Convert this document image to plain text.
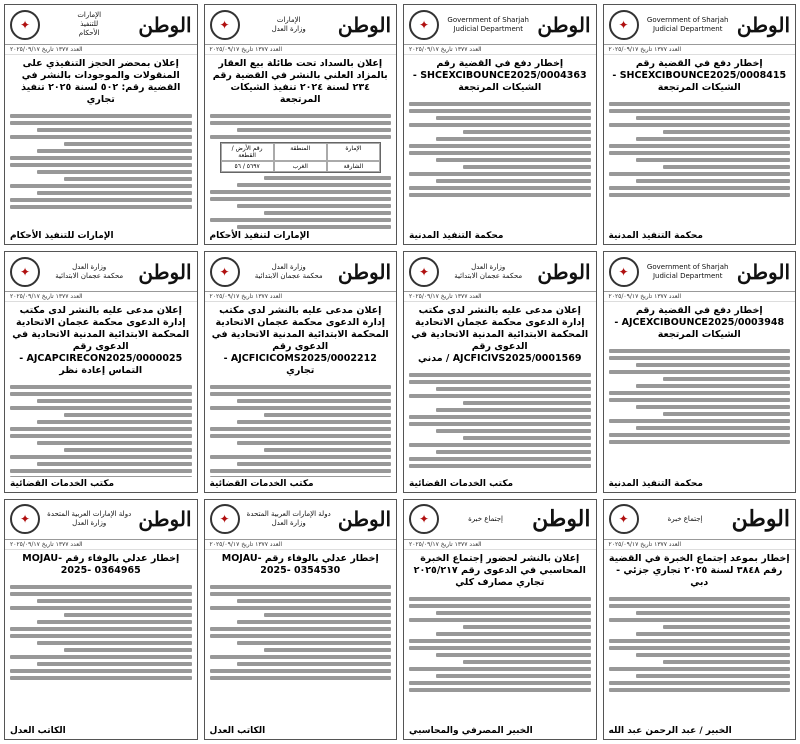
الوطن
الإمارات
للتنفيذ
الأحكام
✦
العدد ١٣٧٧ تاريخ ٢٠٢٥/٠٩/١٧
إعلان بمحضر الحجز التنفيذي على المنقولات والموجودات بالنشر في القضية رقم: ٥٠٢ لسنة ٢٠٢٥ تنفيذ تجاري
الإمارات للتنفيذ الأحكام
الوطن
الإمارات
وزارة العدل
✦
العدد ١٣٧٧ تاريخ ٢٠٢٥/٠٩/١٧
إعلان بالسداد تحت طائلة بيع العقار بالمزاد العلني بالنشر في القضية رقم ٢٣٤ لسنة ٢٠٢٤ تنفيذ الشيكات المرتجعة
الإمارة
المنطقة
رقم الأرض / القطعة
الشارقة
الغرب
٥٦٩٧ / ٥٦
الإمارات لتنفيذ الأحكام
الوطن
Government of Sharjah
Judicial Department
✦
العدد ١٣٧٧ تاريخ ٢٠٢٥/٠٩/١٧
إخطار دفع في القضية رقم SHCEXCIBOUNCE2025/0004363 - الشيكات المرتجعة
محكمة التنفيذ المدنية
الوطن
Government of Sharjah
Judicial Department
✦
العدد ١٣٧٧ تاريخ ٢٠٢٥/٠٩/١٧
إخطار دفع في القضية رقم SHCEXCIBOUNCE2025/0008415 - الشيكات المرتجعة
محكمة التنفيذ المدنية
الوطن
وزارة العدل
محكمة عجمان الابتدائية
✦
العدد ١٣٧٧ تاريخ ٢٠٢٥/٠٩/١٧
إعلان مدعى عليه بالنشر لدى مكتب إدارة الدعوى محكمة عجمان الاتحادية المحكمة الابتدائية المدنية الاتحادية في الدعوى رقم AJCAPCIRECON2025/0000025 - التماس إعادة نظر
مكتب الخدمات القضائية
الوطن
وزارة العدل
محكمة عجمان الابتدائية
✦
العدد ١٣٧٧ تاريخ ٢٠٢٥/٠٩/١٧
إعلان مدعى عليه بالنشر لدى مكتب إدارة الدعوى محكمة عجمان الاتحادية المحكمة الابتدائية المدنية الاتحادية في الدعوى رقم AJCFICICOMS2025/0002212 - تجاري
مكتب الخدمات القضائية
الوطن
وزارة العدل
محكمة عجمان الابتدائية
✦
العدد ١٣٧٧ تاريخ ٢٠٢٥/٠٩/١٧
إعلان مدعى عليه بالنشر لدى مكتب إدارة الدعوى محكمة عجمان الاتحادية المحكمة الابتدائية المدنية الاتحادية في الدعوى رقم AJCFICIVS2025/0001569 / مدني
مكتب الخدمات القضائية
الوطن
Government of Sharjah
Judicial Department
✦
العدد ١٣٧٧ تاريخ ٢٠٢٥/٠٩/١٧
إخطار دفع في القضية رقم AJCEXCIBOUNCE2025/0003948 - الشيكات المرتجعة
محكمة التنفيذ المدنية
الوطن
دولة الإمارات العربية المتحدة
وزارة العدل
✦
العدد ١٣٧٧ تاريخ ٢٠٢٥/٠٩/١٧
إخطار عدلي بالوفاء رقم MOJAU-2025- 0364965
الكاتب العدل
الوطن
دولة الإمارات العربية المتحدة
وزارة العدل
✦
العدد ١٣٧٧ تاريخ ٢٠٢٥/٠٩/١٧
إخطار عدلي بالوفاء رقم MOJAU-2025- 0354530
الكاتب العدل
الوطن
إجتماع خبرة
✦
العدد ١٣٧٧ تاريخ ٢٠٢٥/٠٩/١٧
إعلان بالنشر لحضور إجتماع الخبرة المحاسبي في الدعوى رقم ٢٠٢٥/٢١٧ تجاري مصارف كلي
الخبير المصرفي والمحاسبي
الوطن
إجتماع خبرة
✦
العدد ١٣٧٧ تاريخ ٢٠٢٥/٠٩/١٧
إخطار بموعد إجتماع الخبرة في القضية رقم ٣٨٤٨ لسنة ٢٠٢٥ تجاري جزئي - دبي
الخبير / عبد الرحمن عبد الله
